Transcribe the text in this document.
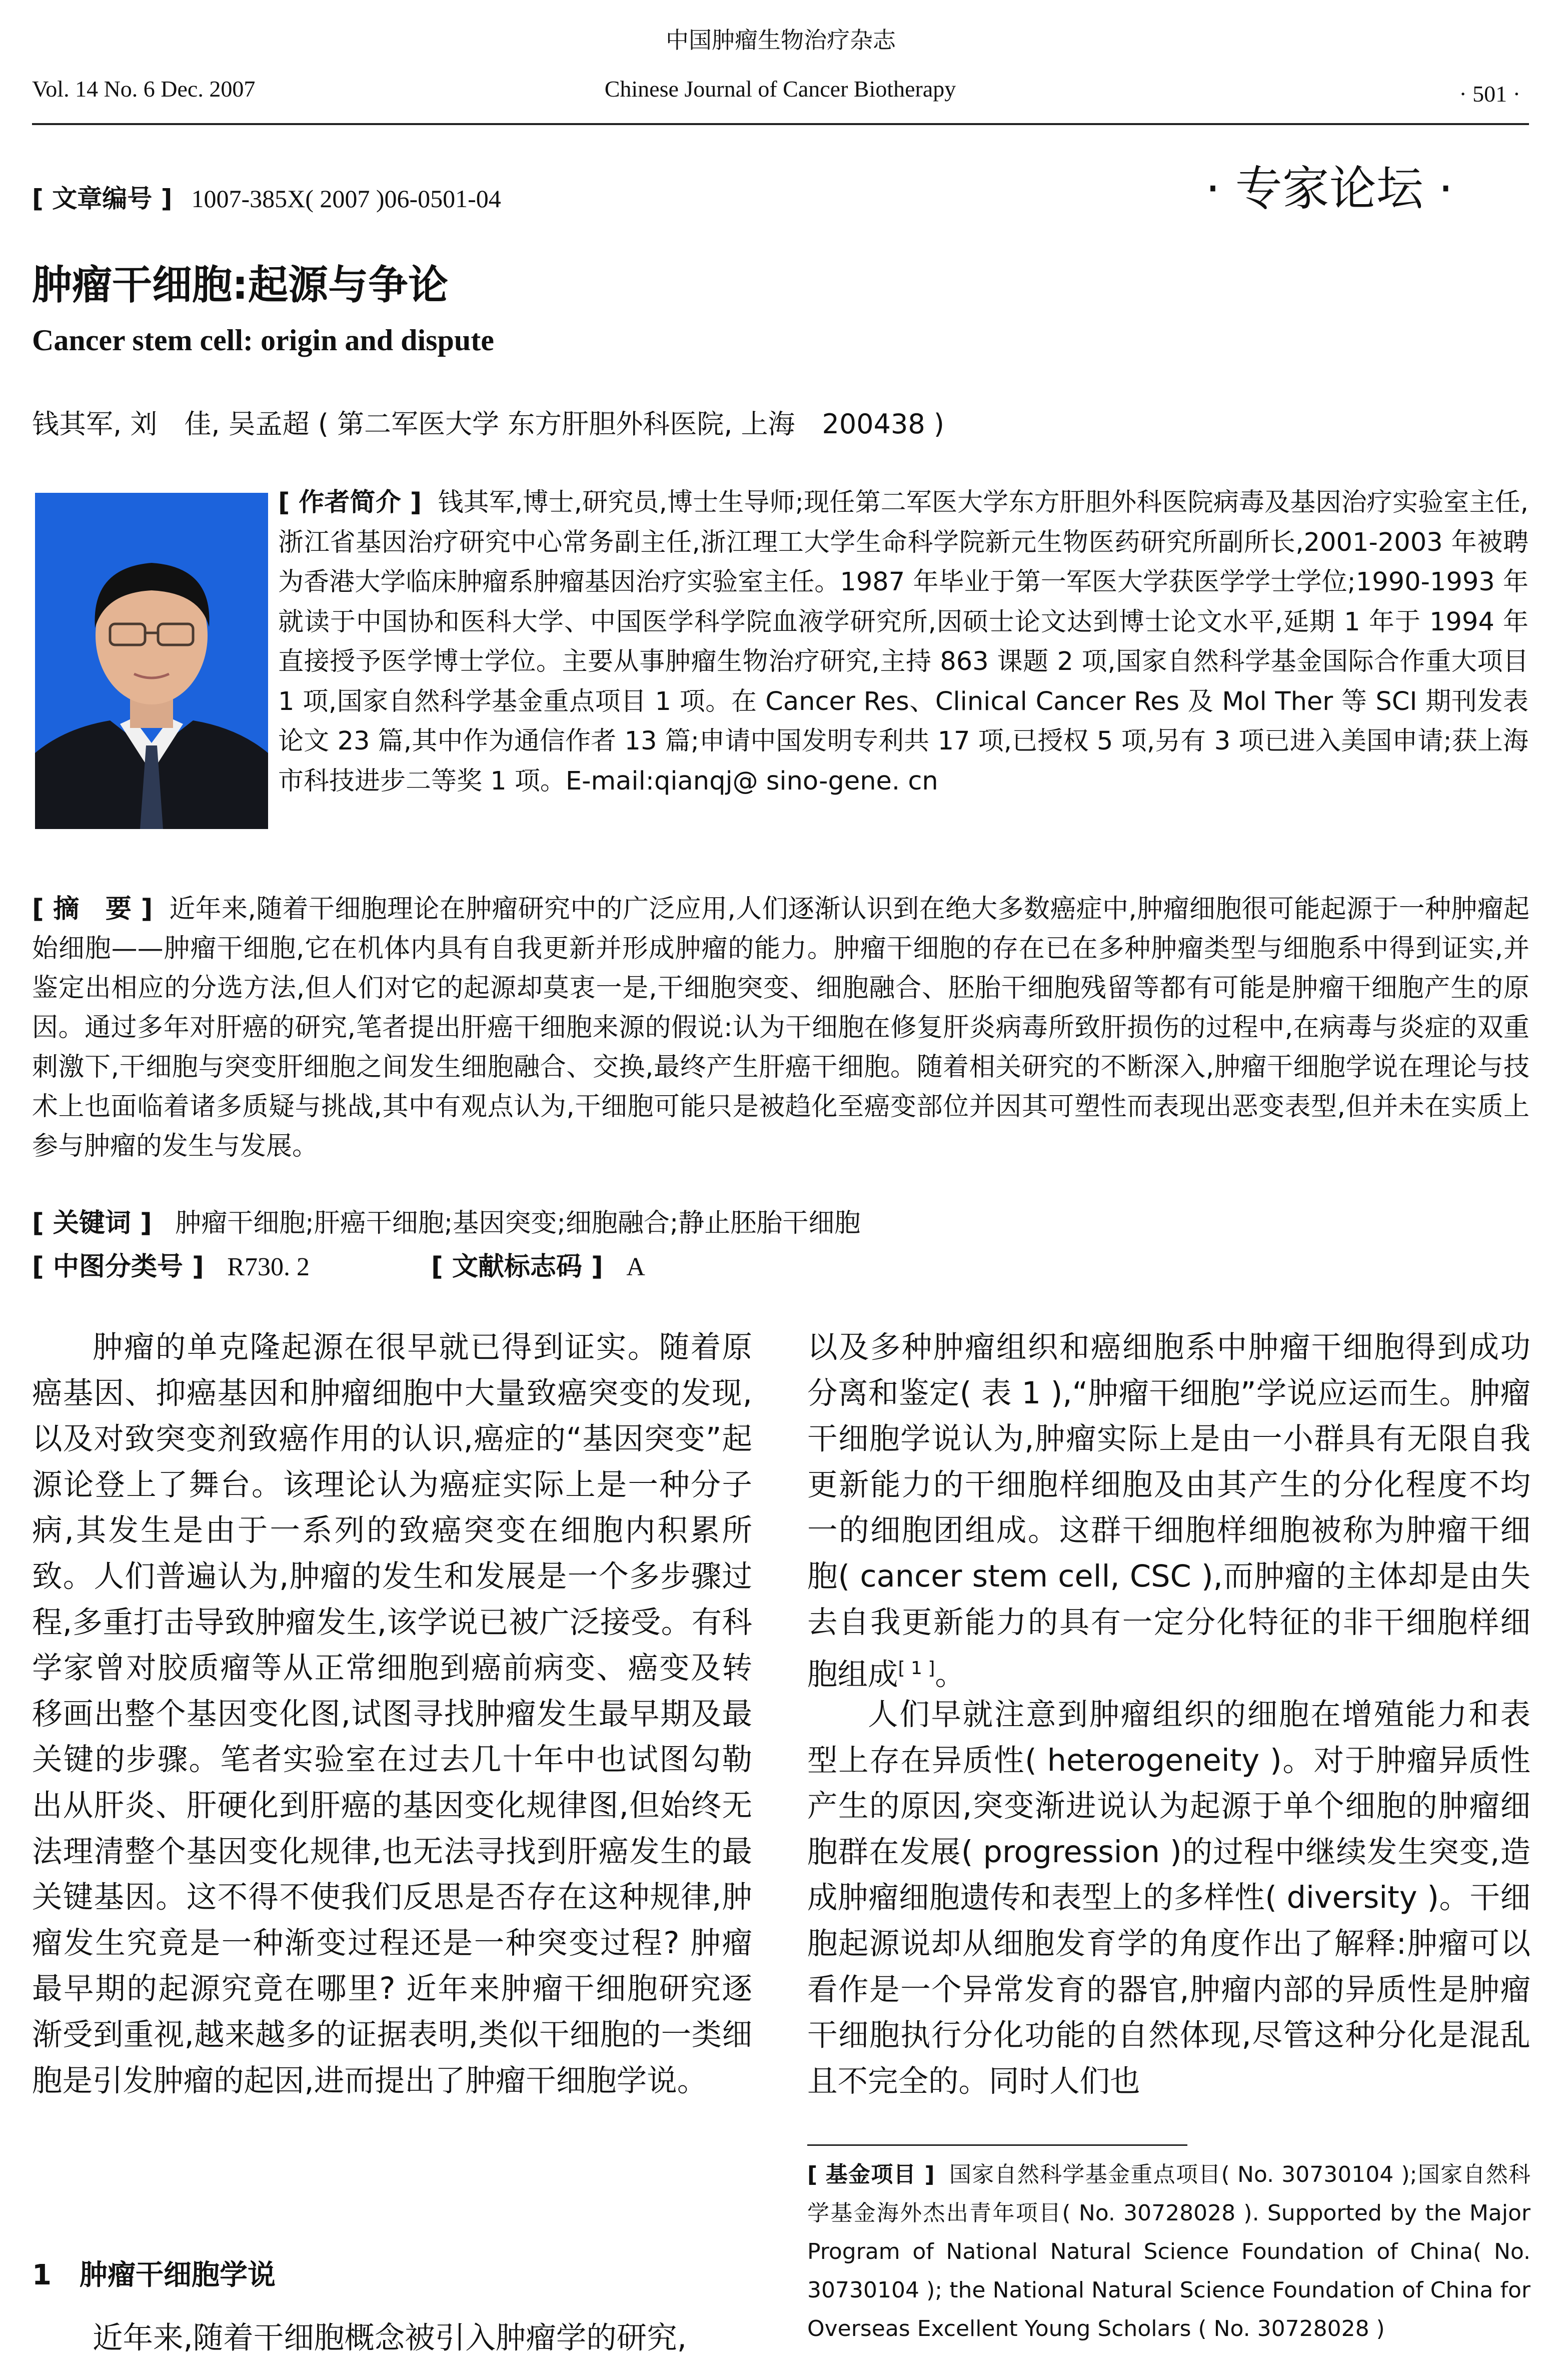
中国肿瘤生物治疗杂志
Vol. 14 No. 6 Dec. 2007	Chinese Journal of Cancer Biotherapy	· 501 ·
[ 文章编号 ] 1007-385X( 2007 )06-0501-04	· 专家论坛 ·
肿瘤干细胞:起源与争论
Cancer stem cell: origin and dispute
钱其军, 刘　佳, 吴孟超 ( 第二军医大学 东方肝胆外科医院, 上海　200438 )
[ 作者简介 ] 钱其军,博士,研究员,博士生导师;现任第二军医大学东方肝胆外科医院病毒及基因治疗实验室主任,浙江省基因治疗研究中心常务副主任,浙江理工大学生命科学院新元生物医药研究所副所长,2001-2003 年被聘为香港大学临床肿瘤系肿瘤基因治疗实验室主任。1987 年毕业于第一军医大学获医学学士学位;1990-1993 年就读于中国协和医科大学、中国医学科学院血液学研究所,因硕士论文达到博士论文水平,延期 1 年于 1994 年直接授予医学博士学位。主要从事肿瘤生物治疗研究,主持 863 课题 2 项,国家自然科学基金国际合作重大项目 1 项,国家自然科学基金重点项目 1 项。在 Cancer Res、Clinical Cancer Res 及 Mol Ther 等 SCI 期刊发表论文 23 篇,其中作为通信作者 13 篇;申请中国发明专利共 17 项,已授权 5 项,另有 3 项已进入美国申请;获上海市科技进步二等奖 1 项。E-mail:qianqj@ sino-gene. cn
[ 摘　要 ] 近年来,随着干细胞理论在肿瘤研究中的广泛应用,人们逐渐认识到在绝大多数癌症中,肿瘤细胞很可能起源于一种肿瘤起始细胞——肿瘤干细胞,它在机体内具有自我更新并形成肿瘤的能力。肿瘤干细胞的存在已在多种肿瘤类型与细胞系中得到证实,并鉴定出相应的分选方法,但人们对它的起源却莫衷一是,干细胞突变、细胞融合、胚胎干细胞残留等都有可能是肿瘤干细胞产生的原因。通过多年对肝癌的研究,笔者提出肝癌干细胞来源的假说:认为干细胞在修复肝炎病毒所致肝损伤的过程中,在病毒与炎症的双重刺激下,干细胞与突变肝细胞之间发生细胞融合、交换,最终产生肝癌干细胞。随着相关研究的不断深入,肿瘤干细胞学说在理论与技术上也面临着诸多质疑与挑战,其中有观点认为,干细胞可能只是被趋化至癌变部位并因其可塑性而表现出恶变表型,但并未在实质上参与肿瘤的发生与发展。
[ 关键词 ] 肿瘤干细胞;肝癌干细胞;基因突变;细胞融合;静止胚胎干细胞
[ 中图分类号 ] R730. 2	[ 文献标志码 ] A
肿瘤的单克隆起源在很早就已得到证实。随着原癌基因、抑癌基因和肿瘤细胞中大量致癌突变的发现,以及对致突变剂致癌作用的认识,癌症的“基因突变”起源论登上了舞台。该理论认为癌症实际上是一种分子病,其发生是由于一系列的致癌突变在细胞内积累所致。人们普遍认为,肿瘤的发生和发展是一个多步骤过程,多重打击导致肿瘤发生,该学说已被广泛接受。有科学家曾对胶质瘤等从正常细胞到癌前病变、癌变及转移画出整个基因变化图,试图寻找肿瘤发生最早期及最关键的步骤。笔者实验室在过去几十年中也试图勾勒出从肝炎、肝硬化到肝癌的基因变化规律图,但始终无法理清整个基因变化规律,也无法寻找到肝癌发生的最关键基因。这不得不使我们反思是否存在这种规律,肿瘤发生究竟是一种渐变过程还是一种突变过程? 肿瘤最早期的起源究竟在哪里? 近年来肿瘤干细胞研究逐渐受到重视,越来越多的证据表明,类似干细胞的一类细胞是引发肿瘤的起因,进而提出了肿瘤干细胞学说。
1　肿瘤干细胞学说
近年来,随着干细胞概念被引入肿瘤学的研究,
以及多种肿瘤组织和癌细胞系中肿瘤干细胞得到成功分离和鉴定( 表 1 ),“肿瘤干细胞”学说应运而生。肿瘤干细胞学说认为,肿瘤实际上是由一小群具有无限自我更新能力的干细胞样细胞及由其产生的分化程度不均一的细胞团组成。这群干细胞样细胞被称为肿瘤干细胞( cancer stem cell, CSC ),而肿瘤的主体却是由失去自我更新能力的具有一定分化特征的非干细胞样细胞组成[ 1 ]。
人们早就注意到肿瘤组织的细胞在增殖能力和表型上存在异质性( heterogeneity )。对于肿瘤异质性产生的原因,突变渐进说认为起源于单个细胞的肿瘤细胞群在发展( progression )的过程中继续发生突变,造成肿瘤细胞遗传和表型上的多样性( diversity )。干细胞起源说却从细胞发育学的角度作出了解释:肿瘤可以看作是一个异常发育的器官,肿瘤内部的异质性是肿瘤干细胞执行分化功能的自然体现,尽管这种分化是混乱且不完全的。同时人们也
[ 基金项目 ] 国家自然科学基金重点项目( No. 30730104 );国家自然科学基金海外杰出青年项目( No. 30728028 ). Supported by the Major Program of National Natural Science Foundation of China( No. 30730104 ); the National Natural Science Foundation of China for Overseas Excellent Young Scholars ( No. 30728028 )
